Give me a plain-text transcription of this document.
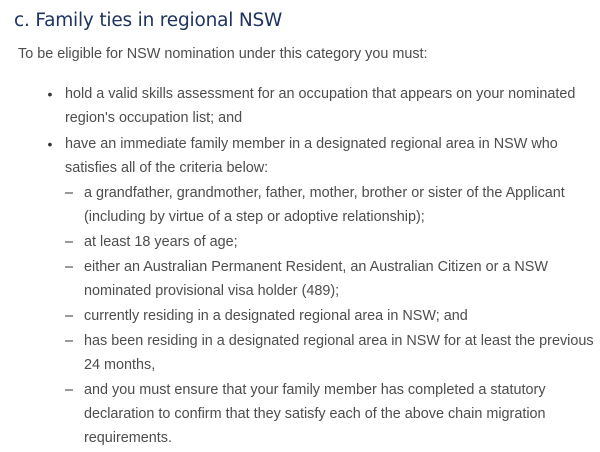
c. Family ties in regional NSW

To be eligible for NSW nomination under this category you must:

• hold a valid skills assessment for an occupation that appears on your nominated region's occupation list; and
• have an immediate family member in a designated regional area in NSW who satisfies all of the criteria below:
– a grandfather, grandmother, father, mother, brother or sister of the Applicant (including by virtue of a step or adoptive relationship);
– at least 18 years of age;
– either an Australian Permanent Resident, an Australian Citizen or a NSW nominated provisional visa holder (489);
– currently residing in a designated regional area in NSW; and
– has been residing in a designated regional area in NSW for at least the previous 24 months,
– and you must ensure that your family member has completed a statutory declaration to confirm that they satisfy each of the above chain migration requirements.
